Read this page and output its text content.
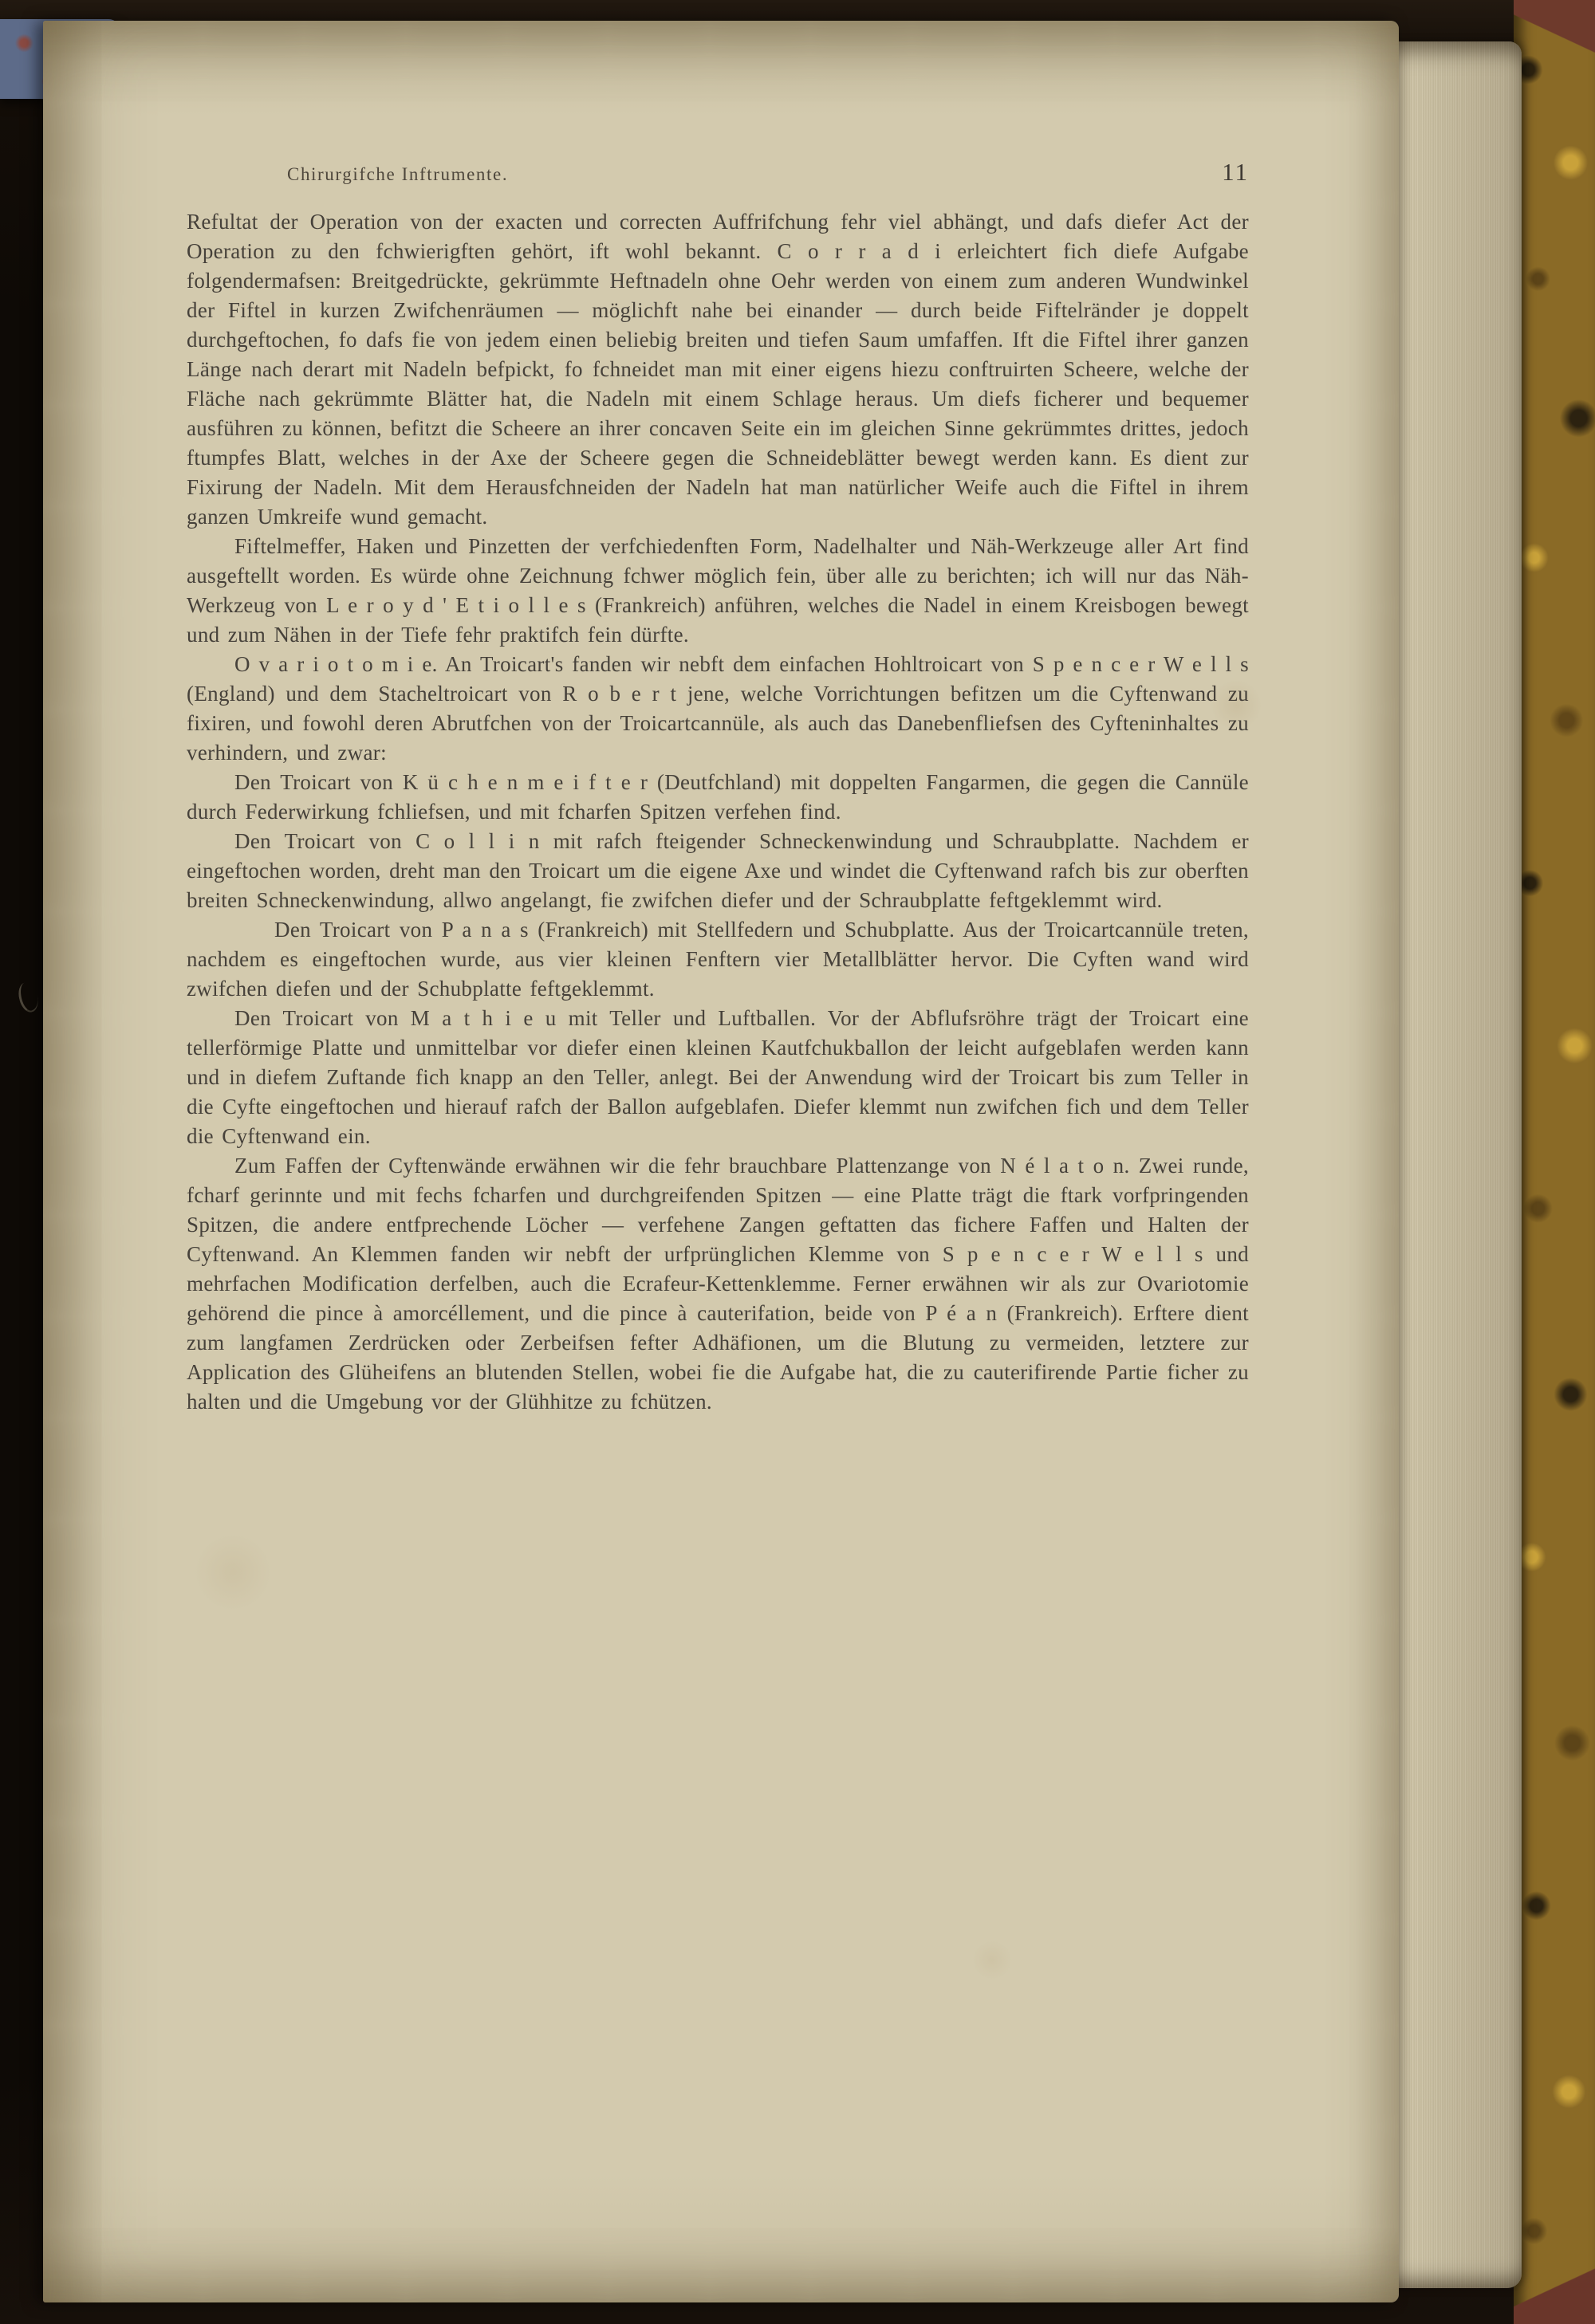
Chirurgifche Inftrumente.	11

Refultat der Operation von der exacten und correcten Auffrifchung fehr viel abhängt, und dafs diefer Act der Operation zu den fchwierigften gehört, ift wohl bekannt. C o r r a d i erleichtert fich diefe Aufgabe folgendermafsen: Breitgedrückte, gekrümmte Heftnadeln ohne Oehr werden von einem zum anderen Wundwinkel der Fiftel in kurzen Zwifchenräumen — möglichft nahe bei einander — durch beide Fiftelränder je doppelt durchgeftochen, fo dafs fie von jedem einen beliebig breiten und tiefen Saum umfaffen. Ift die Fiftel ihrer ganzen Länge nach derart mit Nadeln befpickt, fo fchneidet man mit einer eigens hiezu conftruirten Scheere, welche der Fläche nach gekrümmte Blätter hat, die Nadeln mit einem Schlage heraus. Um diefs ficherer und bequemer ausführen zu können, befitzt die Scheere an ihrer concaven Seite ein im gleichen Sinne gekrümmtes drittes, jedoch ftumpfes Blatt, welches in der Axe der Scheere gegen die Schneideblätter bewegt werden kann. Es dient zur Fixirung der Nadeln. Mit dem Herausfchneiden der Nadeln hat man natürlicher Weife auch die Fiftel in ihrem ganzen Umkreife wund gemacht.

Fiftelmeffer, Haken und Pinzetten der verfchiedenften Form, Nadelhalter und Näh-Werkzeuge aller Art find ausgeftellt worden. Es würde ohne Zeichnung fchwer möglich fein, über alle zu berichten; ich will nur das Näh-Werkzeug von L e r o y d ' E t i o l l e s (Frankreich) anführen, welches die Nadel in einem Kreisbogen bewegt und zum Nähen in der Tiefe fehr praktifch fein dürfte.

O v a r i o t o m i e. An Troicart's fanden wir nebft dem einfachen Hohltroicart von S p e n c e r W e l l s (England) und dem Stacheltroicart von R o b e r t jene, welche Vorrichtungen befitzen um die Cyftenwand zu fixiren, und fowohl deren Abrutfchen von der Troicartcannüle, als auch das Danebenfliefsen des Cyfteninhaltes zu verhindern, und zwar:

Den Troicart von K ü c h e n m e i f t e r (Deutfchland) mit doppelten Fangarmen, die gegen die Cannüle durch Federwirkung fchliefsen, und mit fcharfen Spitzen verfehen find.

Den Troicart von C o l l i n mit rafch fteigender Schneckenwindung und Schraubplatte. Nachdem er eingeftochen worden, dreht man den Troicart um die eigene Axe und windet die Cyftenwand rafch bis zur oberften breiten Schneckenwindung, allwo angelangt, fie zwifchen diefer und der Schraubplatte feftgeklemmt wird.

Den Troicart von P a n a s (Frankreich) mit Stellfedern und Schubplatte. Aus der Troicartcannüle treten, nachdem es eingeftochen wurde, aus vier kleinen Fenftern vier Metallblätter hervor. Die Cyften wand wird zwifchen diefen und der Schubplatte feftgeklemmt.

Den Troicart von M a t h i e u mit Teller und Luftballen. Vor der Abflufsröhre trägt der Troicart eine tellerförmige Platte und unmittelbar vor diefer einen kleinen Kautfchukballon der leicht aufgeblafen werden kann und in diefem Zuftande fich knapp an den Teller, anlegt. Bei der Anwendung wird der Troicart bis zum Teller in die Cyfte eingeftochen und hierauf rafch der Ballon aufgeblafen. Diefer klemmt nun zwifchen fich und dem Teller die Cyftenwand ein.

Zum Faffen der Cyftenwände erwähnen wir die fehr brauchbare Plattenzange von N é l a t o n. Zwei runde, fcharf gerinnte und mit fechs fcharfen und durchgreifenden Spitzen — eine Platte trägt die ftark vorfpringenden Spitzen, die andere entfprechende Löcher — verfehene Zangen geftatten das fichere Faffen und Halten der Cyftenwand. An Klemmen fanden wir nebft der urfprünglichen Klemme von S p e n c e r W e l l s und mehrfachen Modification derfelben, auch die Ecrafeur-Kettenklemme. Ferner erwähnen wir als zur Ovariotomie gehörend die pince à amorcéllement, und die pince à cauterifation, beide von P é a n (Frankreich). Erftere dient zum langfamen Zerdrücken oder Zerbeifsen fefter Adhäfionen, um die Blutung zu vermeiden, letztere zur Application des Glüheifens an blutenden Stellen, wobei fie die Aufgabe hat, die zu cauterifirende Partie ficher zu halten und die Umgebung vor der Glühhitze zu fchützen.
